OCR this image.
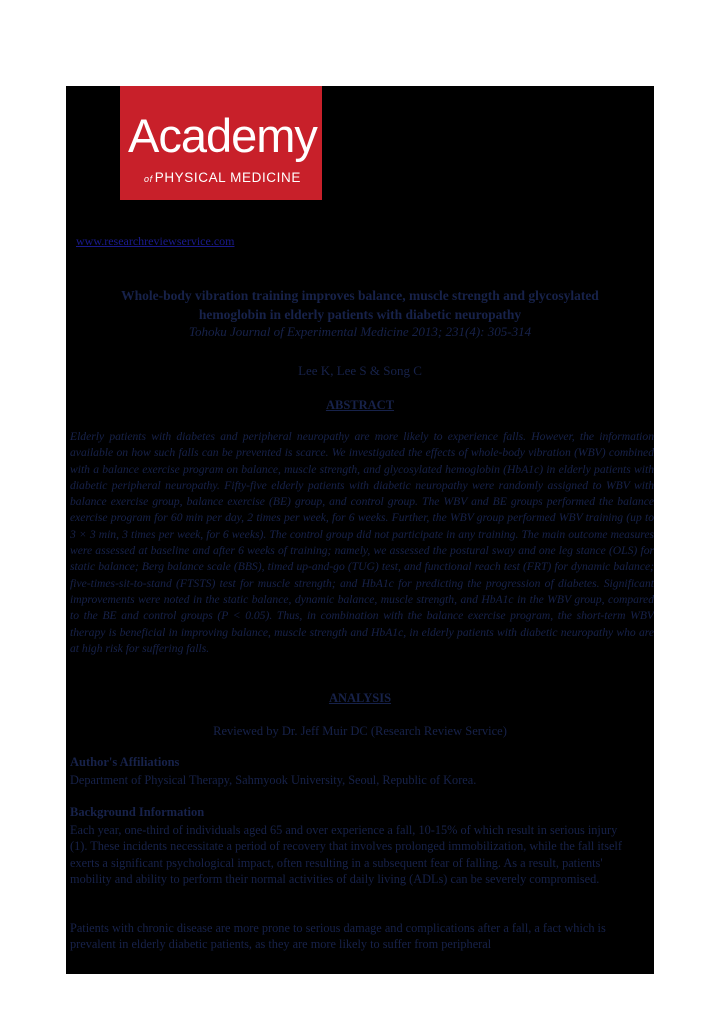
Academy
of PHYSICAL MEDICINE
www.researchreviewservice.com
Whole-body vibration training improves balance, muscle strength and glycosylated hemoglobin in elderly patients with diabetic neuropathy
Tohoku Journal of Experimental Medicine 2013; 231(4): 305-314
Lee K, Lee S & Song C
ABSTRACT
Elderly patients with diabetes and peripheral neuropathy are more likely to experience falls. However, the information available on how such falls can be prevented is scarce. We investigated the effects of whole-body vibration (WBV) combined with a balance exercise program on balance, muscle strength, and glycosylated hemoglobin (HbA1c) in elderly patients with diabetic peripheral neuropathy. Fifty-five elderly patients with diabetic neuropathy were randomly assigned to WBV with balance exercise group, balance exercise (BE) group, and control group. The WBV and BE groups performed the balance exercise program for 60 min per day, 2 times per week, for 6 weeks. Further, the WBV group performed WBV training (up to 3 × 3 min, 3 times per week, for 6 weeks). The control group did not participate in any training. The main outcome measures were assessed at baseline and after 6 weeks of training; namely, we assessed the postural sway and one leg stance (OLS) for static balance; Berg balance scale (BBS), timed up-and-go (TUG) test, and functional reach test (FRT) for dynamic balance; five-times-sit-to-stand (FTSTS) test for muscle strength; and HbA1c for predicting the progression of diabetes. Significant improvements were noted in the static balance, dynamic balance, muscle strength, and HbA1c in the WBV group, compared to the BE and control groups (P < 0.05). Thus, in combination with the balance exercise program, the short-term WBV therapy is beneficial in improving balance, muscle strength and HbA1c, in elderly patients with diabetic neuropathy who are at high risk for suffering falls.
ANALYSIS
Reviewed by Dr. Jeff Muir DC (Research Review Service)
Author's Affiliations
Department of Physical Therapy, Sahmyook University, Seoul, Republic of Korea.
Background Information
Each year, one-third of individuals aged 65 and over experience a fall, 10-15% of which result in serious injury (1). These incidents necessitate a period of recovery that involves prolonged immobilization, while the fall itself exerts a significant psychological impact, often resulting in a subsequent fear of falling. As a result, patients' mobility and ability to perform their normal activities of daily living (ADLs) can be severely compromised.
Patients with chronic disease are more prone to serious damage and complications after a fall, a fact which is prevalent in elderly diabetic patients, as they are more likely to suffer from peripheral
